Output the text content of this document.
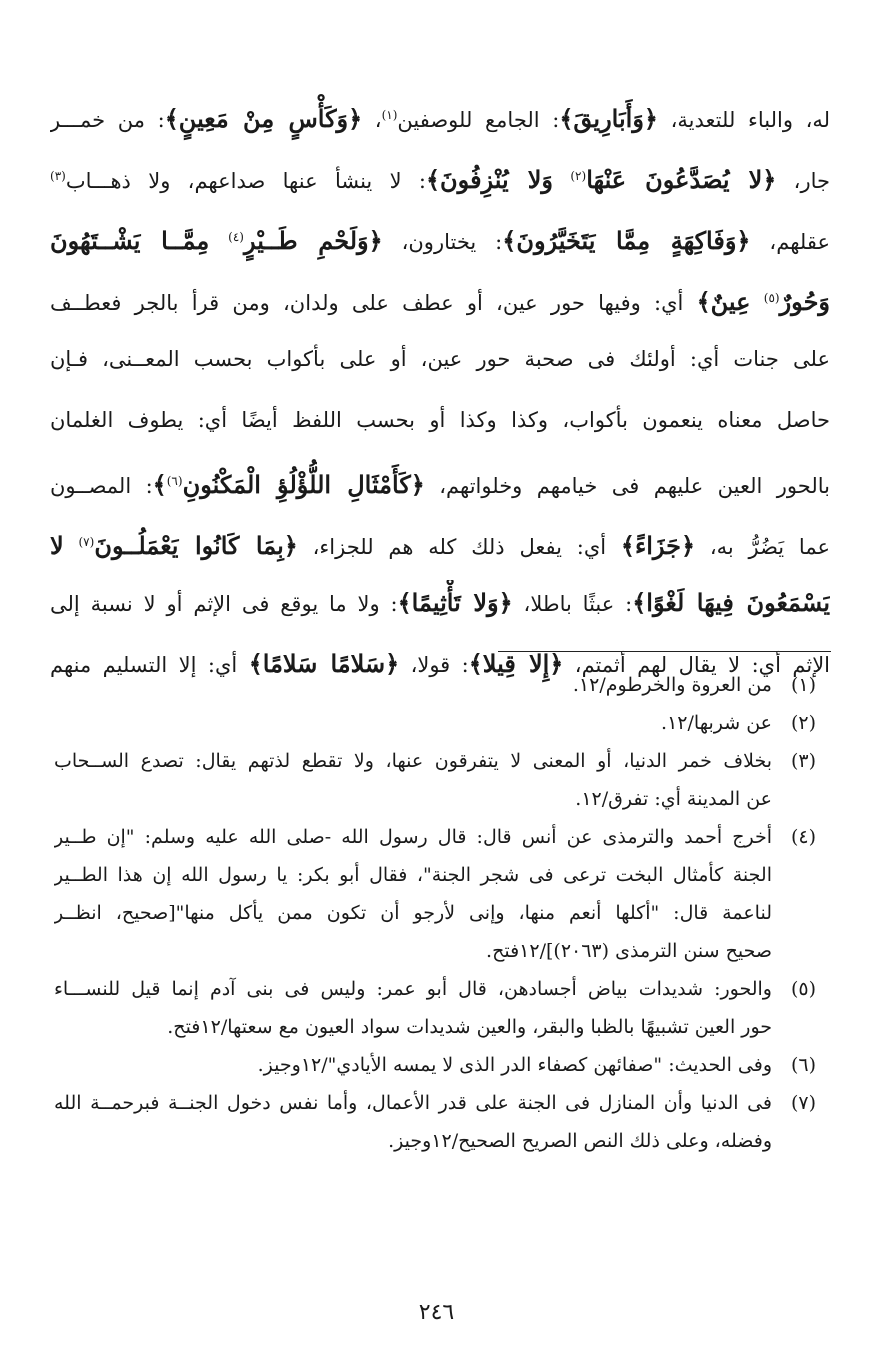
له، والباء للتعدية، ﴿وَأَبَارِيقَ﴾: الجامع للوصفين$^{(١)}$، ﴿وَكَأْسٍ مِنْ مَعِينٍ﴾: من خمـــر
جار، ﴿لا يُصَدَّعُونَ عَنْهَا$^{(٢)}$ وَلا يُنْزِفُونَ﴾: لا ينشأ عنها صداعهم، ولا ذهـــاب$^{(٣)}$
عقلهم، ﴿وَفَاكِهَةٍ مِمَّا يَتَخَيَّرُونَ﴾: يختارون، ﴿وَلَحْمِ طَــيْرٍ$^{(٤)}$ مِمَّــا يَشْــتَهُونَ
وَحُورٌ$^{(٥)}$ عِينٌ﴾ أي: وفيها حور عين، أو عطف على ولدان، ومن قرأ بالجر فعطــف
على جنات أي: أولئك فى صحبة حور عين، أو على بأكواب بحسب المعــنى، فـإن
حاصل معناه ينعمون بأكواب، وكذا وكذا أو بحسب اللفظ أيضًا أي: يطوف الغلمان
بالحور العين عليهم فى خيامهم وخلواتهم، ﴿كَأَمْثَالِ اللُّؤْلُؤِ الْمَكْنُونِ$^{(٦)}$﴾: المصــون
عما يَضُرُّ به، ﴿جَزَاءً﴾ أي: يفعل ذلك كله هم للجزاء، ﴿بِمَا كَانُوا يَعْمَلُــونَ$^{(٧)}$ لا
يَسْمَعُونَ فِيهَا لَغْوًا﴾: عبثًا باطلا، ﴿وَلا تَأْثِيمًا﴾: ولا ما يوقع فى الإثم أو لا نسبة إلى
الإثم أي: لا يقال لهم أثمتم، ﴿إِلا قِيلا﴾: قولا، ﴿سَلامًا سَلامًا﴾ أي: إلا التسليم منهم
(١)
من العروة والخرطوم/١٢.
(٢)
عن شربها/١٢.
(٣)
بخلاف خمر الدنيا، أو المعنى لا يتفرقون عنها، ولا تقطع لذتهم يقال: تصدع الســحاب
عن المدينة أي: تفرق/١٢.
(٤)
أخرج أحمد والترمذى عن أنس قال: قال رسول الله -صلى الله عليه وسلم: "إن طــير
الجنة كأمثال البخت ترعى فى شجر الجنة"، فقال أبو بكر: يا رسول الله إن هذا الطــير
لناعمة قال: "أكلها أنعم منها، وإنى لأرجو أن تكون ممن يأكل منها"[صحيح، انظــر
صحيح سنن الترمذى (٢٠٦٣)]/١٢فتح.
(٥)
والحور: شديدات بياض أجسادهن، قال أبو عمر: وليس فى بنى آدم إنما قيل للنســـاء
حور العين تشبيهًا بالظبا والبقر، والعين شديدات سواد العيون مع سعتها/١٢فتح.
(٦)
وفى الحديث: "صفائهن كصفاء الدر الذى لا يمسه الأيادي"/١٢وجيز.
(٧)
فى الدنيا وأن المنازل فى الجنة على قدر الأعمال، وأما نفس دخول الجنــة فبرحمــة الله
وفضله، وعلى ذلك النص الصريح الصحيح/١٢وجيز.
٢٤٦
